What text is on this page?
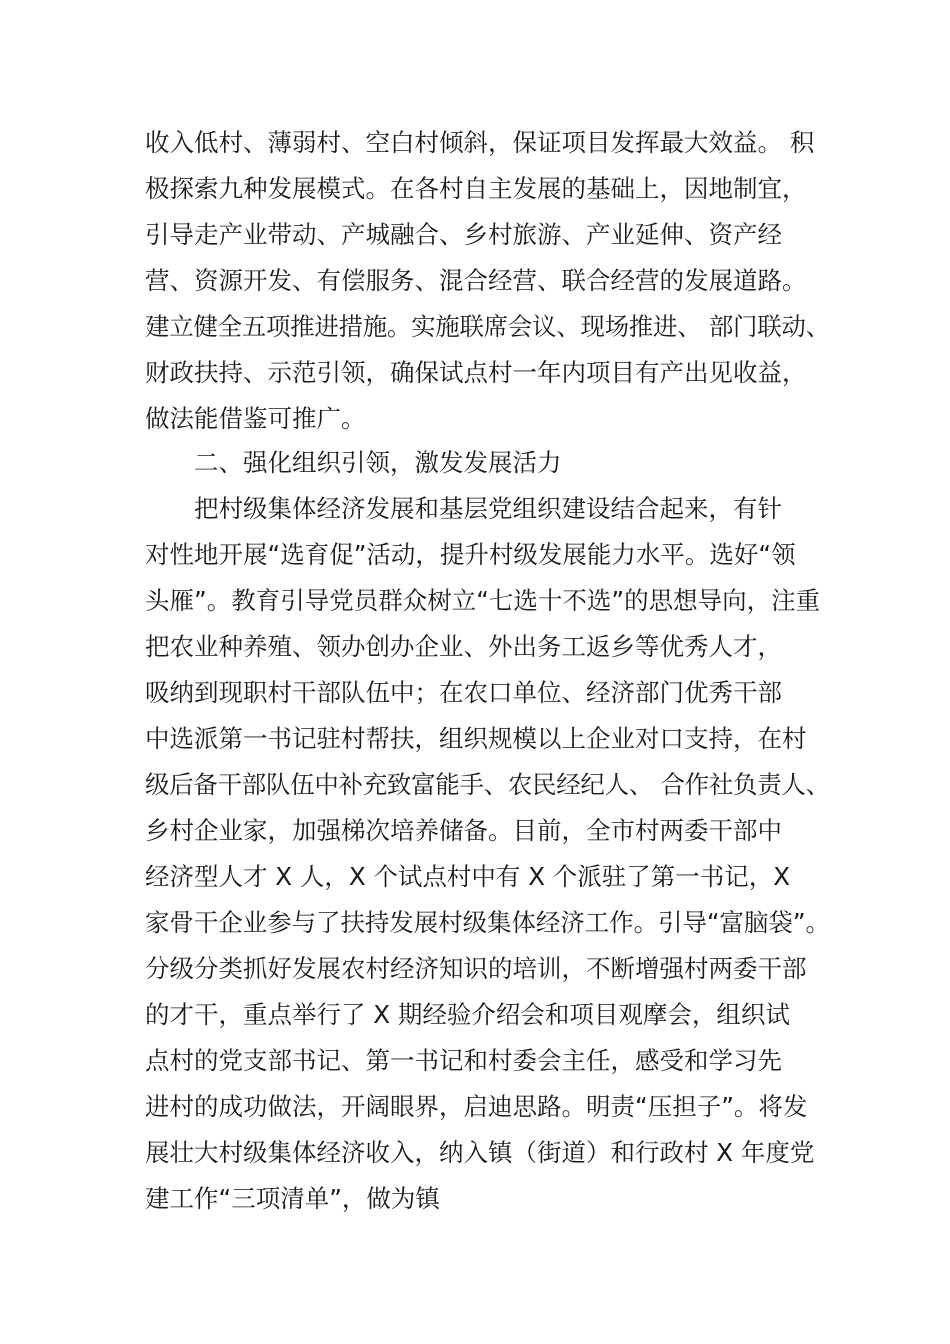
收入低村、薄弱村、空白村倾斜，保证项目发挥最大效益。 积
极探索九种发展模式。在各村自主发展的基础上，因地制宜，
引导走产业带动、产城融合、乡村旅游、产业延伸、资产经
营、资源开发、有偿服务、混合经营、联合经营的发展道路。
建立健全五项推进措施。实施联席会议、现场推进、 部门联动、
财政扶持、示范引领，确保试点村一年内项目有产出见收益，
做法能借鉴可推广。
二、强化组织引领，激发发展活力
把村级集体经济发展和基层党组织建设结合起来，有针
对性地开展“选育促”活动，提升村级发展能力水平。选好“领
头雁”。教育引导党员群众树立“七选十不选”的思想导向，注重
把农业种养殖、领办创办企业、外出务工返乡等优秀人才，
吸纳到现职村干部队伍中；在农口单位、经济部门优秀干部
中选派第一书记驻村帮扶，组织规模以上企业对口支持，在村
级后备干部队伍中补充致富能手、农民经纪人、 合作社负责人、
乡村企业家，加强梯次培养储备。目前，全市村两委干部中
经济型人才 X 人，X 个试点村中有 X 个派驻了第一书记，X
家骨干企业参与了扶持发展村级集体经济工作。引导“富脑袋”。
分级分类抓好发展农村经济知识的培训，不断增强村两委干部
的才干，重点举行了 X 期经验介绍会和项目观摩会，组织试
点村的党支部书记、第一书记和村委会主任，感受和学习先
进村的成功做法，开阔眼界，启迪思路。明责“压担子”。将发
展壮大村级集体经济收入，纳入镇（街道）和行政村 X 年度党
建工作“三项清单”，做为镇
